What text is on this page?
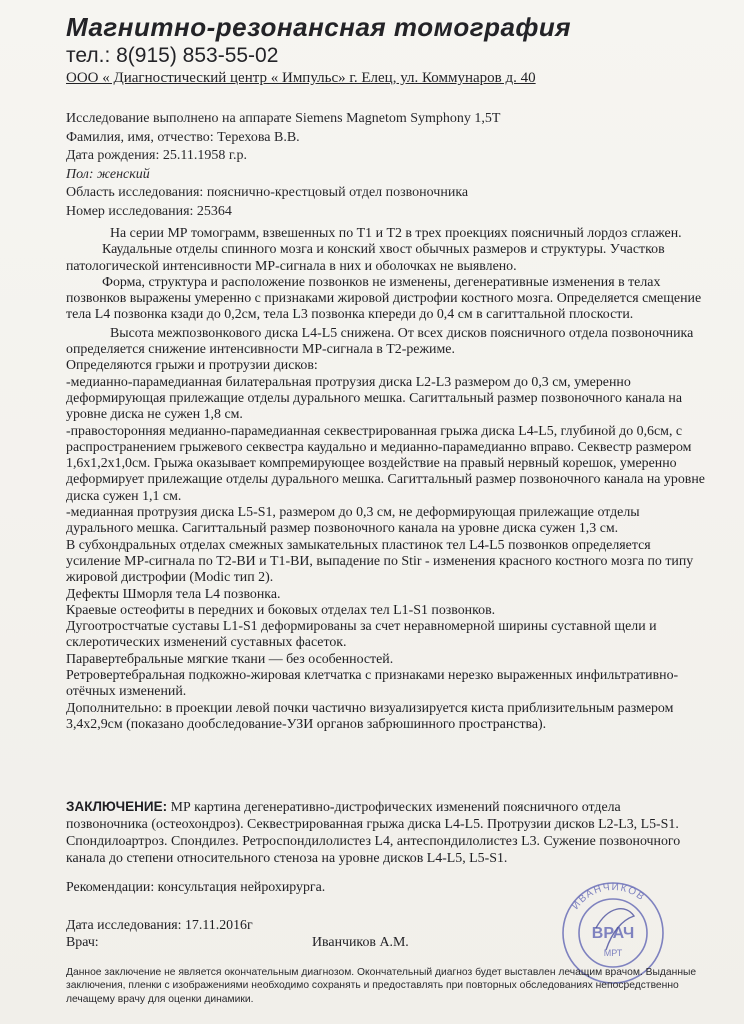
Магнитно-резонансная томография
тел.: 8(915) 853-55-02
ООО « Диагностический центр « Импульс» г. Елец, ул. Коммунаров д. 40
Исследование выполнено на аппарате Siemens Magnetom Symphony 1,5T
Фамилия, имя, отчество: Терехова В.В.
Дата рождения: 25.11.1958 г.р.
Пол: женский
Область исследования: пояснично-крестцовый отдел позвоночника
Номер исследования: 25364

На серии МР томограмм, взвешенных по T1 и T2 в трех проекциях поясничный лордоз сглажен.

Каудальные отделы спинного мозга и конский хвост обычных размеров и структуры. Участков патологической интенсивности МР-сигнала в них и оболочках не выявлено.

Форма, структура и расположение позвонков не изменены, дегенеративные изменения в телах позвонков выражены умеренно с признаками жировой дистрофии костного мозга. Определяется смещение тела L4 позвонка кзади до 0,2см, тела L3 позвонка кпереди до 0,4 см в сагиттальной плоскости.

Высота межпозвонкового диска L4-L5 снижена. От всех дисков поясничного отдела позвоночника определяется снижение интенсивности МР-сигнала в T2-режиме.

Определяются грыжи и протрузии дисков:

-медианно-парамедианная билатеральная протрузия диска L2-L3 размером до 0,3 см, умеренно деформирующая прилежащие отделы дурального мешка. Сагиттальный размер позвоночного канала на уровне диска не сужен 1,8 см.

-правосторонняя медианно-парамедианная секвестрированная грыжа диска L4-L5, глубиной до 0,6см, с распространением грыжевого секвестра каудально и медианно-парамедианно вправо. Секвестр размером 1,6х1,2х1,0см. Грыжа оказывает компремирующее воздействие на правый нервный корешок, умеренно деформирует прилежащие отделы дурального мешка. Сагиттальный размер позвоночного канала на уровне диска сужен 1,1 см.

-медианная протрузия диска L5-S1, размером до 0,3 см, не деформирующая прилежащие отделы дурального мешка. Сагиттальный размер позвоночного канала на уровне диска сужен 1,3 см.

В субхондральных отделах смежных замыкательных пластинок тел L4-L5 позвонков определяется усиление МР-сигнала по T2-ВИ и T1-ВИ, выпадение по Stir - изменения красного костного мозга по типу жировой дистрофии (Modic тип 2).

Дефекты Шморля тела L4 позвонка.

Краевые остеофиты в передних и боковых отделах тел L1-S1 позвонков.

Дугоотростчатые суставы L1-S1 деформированы за счет неравномерной ширины суставной щели и склеротических изменений суставных фасеток.

Паравертебральные мягкие ткани — без особенностей.

Ретровертебральная подкожно-жировая клетчатка с признаками нерезко выраженных инфильтративно-отёчных изменений.

Дополнительно: в проекции левой почки частично визуализируется киста приблизительным размером 3,4х2,9см (показано дообследование-УЗИ органов забрюшинного пространства).

ЗАКЛЮЧЕНИЕ: МР картина дегенеративно-дистрофических изменений поясничного отдела позвоночника (остеохондроз). Секвестрированная грыжа диска L4-L5. Протрузии дисков L2-L3, L5-S1. Спондилоартроз. Спондилез. Ретроспондилолистез L4, антеспондилолистез L3. Сужение позвоночного канала до степени относительного стеноза на уровне дисков L4-L5, L5-S1.
Рекомендации: консультация нейрохирурга.
Дата исследования: 17.11.2016г
Врач:	Иванчиков А.М.
ИВАНЧИКОВ
ВРАЧ
МРТ
Данное заключение не является окончательным диагнозом. Окончательный диагноз будет выставлен лечащим врачом. Выданные заключения, пленки с изображениями необходимо сохранять и предоставлять при повторных обследованиях непосредственно лечащему врачу для оценки динамики.
